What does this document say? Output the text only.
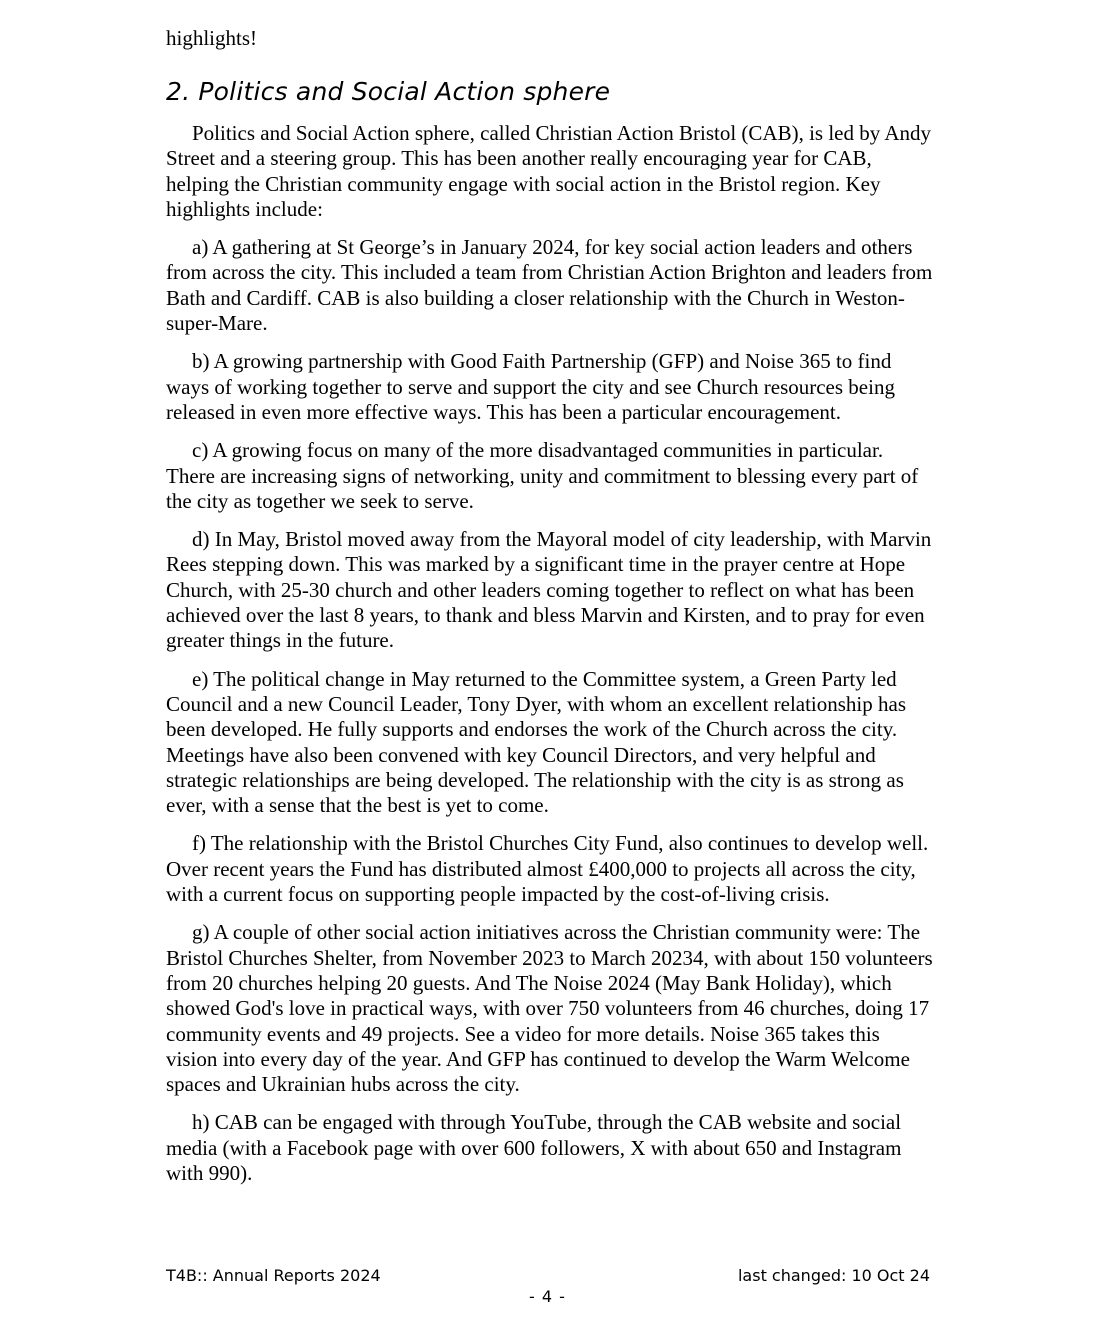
highlights!

2. Politics and Social Action sphere

Politics and Social Action sphere, called Christian Action Bristol (CAB), is led by Andy Street and a steering group. This has been another really encouraging year for CAB, helping the Christian community engage with social action in the Bristol region. Key highlights include:

a) A gathering at St George’s in January 2024, for key social action leaders and others from across the city. This included a team from Christian Action Brighton and leaders from Bath and Cardiff. CAB is also building a closer relationship with the Church in Weston-super-Mare.

b) A growing partnership with Good Faith Partnership (GFP) and Noise 365 to find ways of working together to serve and support the city and see Church resources being released in even more effective ways. This has been a particular encouragement.

c) A growing focus on many of the more disadvantaged communities in particular. There are increasing signs of networking, unity and commitment to blessing every part of the city as together we seek to serve.

d) In May, Bristol moved away from the Mayoral model of city leadership, with Marvin Rees stepping down. This was marked by a significant time in the prayer centre at Hope Church, with 25-30 church and other leaders coming together to reflect on what has been achieved over the last 8 years, to thank and bless Marvin and Kirsten, and to pray for even greater things in the future.

e) The political change in May returned to the Committee system, a Green Party led Council and a new Council Leader, Tony Dyer, with whom an excellent relationship has been developed. He fully supports and endorses the work of the Church across the city. Meetings have also been convened with key Council Directors, and very helpful and strategic relationships are being developed. The relationship with the city is as strong as ever, with a sense that the best is yet to come.

f) The relationship with the Bristol Churches City Fund, also continues to develop well. Over recent years the Fund has distributed almost £400,000 to projects all across the city, with a current focus on supporting people impacted by the cost-of-living crisis.

g) A couple of other social action initiatives across the Christian community were: The Bristol Churches Shelter, from November 2023 to March 20234, with about 150 volunteers from 20 churches helping 20 guests. And The Noise 2024 (May Bank Holiday), which showed God's love in practical ways, with over 750 volunteers from 46 churches, doing 17 community events and 49 projects. See a video for more details. Noise 365 takes this vision into every day of the year. And GFP has continued to develop the Warm Welcome spaces and Ukrainian hubs across the city.

h) CAB can be engaged with through YouTube, through the CAB website and social media (with a Facebook page with over 600 followers, X with about 650 and Instagram with 990).

T4B:: Annual Reports 2024	last changed: 10 Oct 24
- 4 -
